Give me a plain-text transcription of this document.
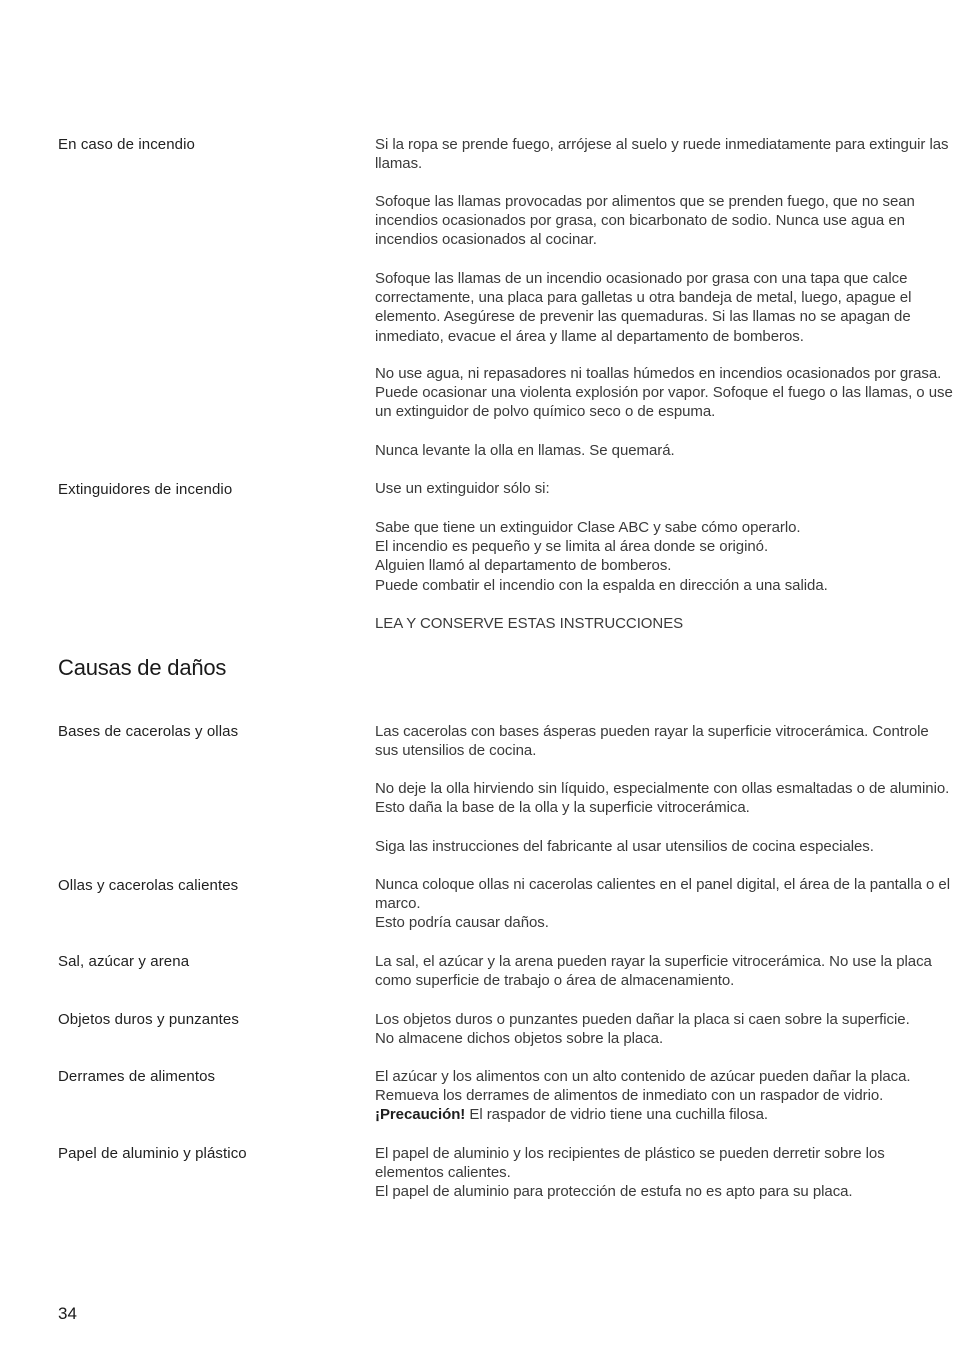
En caso de incendio	Si la ropa se prende fuego, arrójese al suelo y ruede inmediatamente para extinguir las llamas.

Sofoque las llamas provocadas por alimentos que se prenden fuego, que no sean incendios ocasionados por grasa, con bicarbonato de sodio. Nunca use agua en incendios ocasionados al cocinar.

Sofoque las llamas de un incendio ocasionado por grasa con una tapa que calce correctamente, una placa para galletas u otra bandeja de metal, luego, apague el elemento. Asegúrese de prevenir las quemaduras. Si las llamas no se apagan de inmediato, evacue el área y llame al departamento de bomberos.

No use agua, ni repasadores ni toallas húmedos en incendios ocasionados por grasa. Puede ocasionar una violenta explosión por vapor. Sofoque el fuego o las llamas, o use un extinguidor de polvo químico seco o de espuma.

Nunca levante la olla en llamas. Se quemará.

Extinguidores de incendio	Use un extinguidor sólo si:

Sabe que tiene un extinguidor Clase ABC y sabe cómo operarlo.

El incendio es pequeño y se limita al área donde se originó.

Alguien llamó al departamento de bomberos.

Puede combatir el incendio con la espalda en dirección a una salida.

LEA Y CONSERVE ESTAS INSTRUCCIONES

Causas de daños
Bases de cacerolas y ollas	Las cacerolas con bases ásperas pueden rayar la superficie vitrocerámica. Controle sus utensilios de cocina.

No deje la olla hirviendo sin líquido, especialmente con ollas esmaltadas o de aluminio. Esto daña la base de la olla y la superficie vitrocerámica.

Siga las instrucciones del fabricante al usar utensilios de cocina especiales.

Ollas y cacerolas calientes	Nunca coloque ollas ni cacerolas calientes en el panel digital, el área de la pantalla o el marco.

Esto podría causar daños.

Sal, azúcar y arena	La sal, el azúcar y la arena pueden rayar la superficie vitrocerámica. No use la placa como superficie de trabajo o área de almacenamiento.

Objetos duros y punzantes	Los objetos duros o punzantes pueden dañar la placa si caen sobre la superficie.

No almacene dichos objetos sobre la placa.

Derrames de alimentos	El azúcar y los alimentos con un alto contenido de azúcar pueden dañar la placa.

Remueva los derrames de alimentos de inmediato con un raspador de vidrio.

¡Precaución! El raspador de vidrio tiene una cuchilla filosa.

Papel de aluminio y plástico	El papel de aluminio y los recipientes de plástico se pueden derretir sobre los elementos calientes.

El papel de aluminio para protección de estufa no es apto para su placa.

34
